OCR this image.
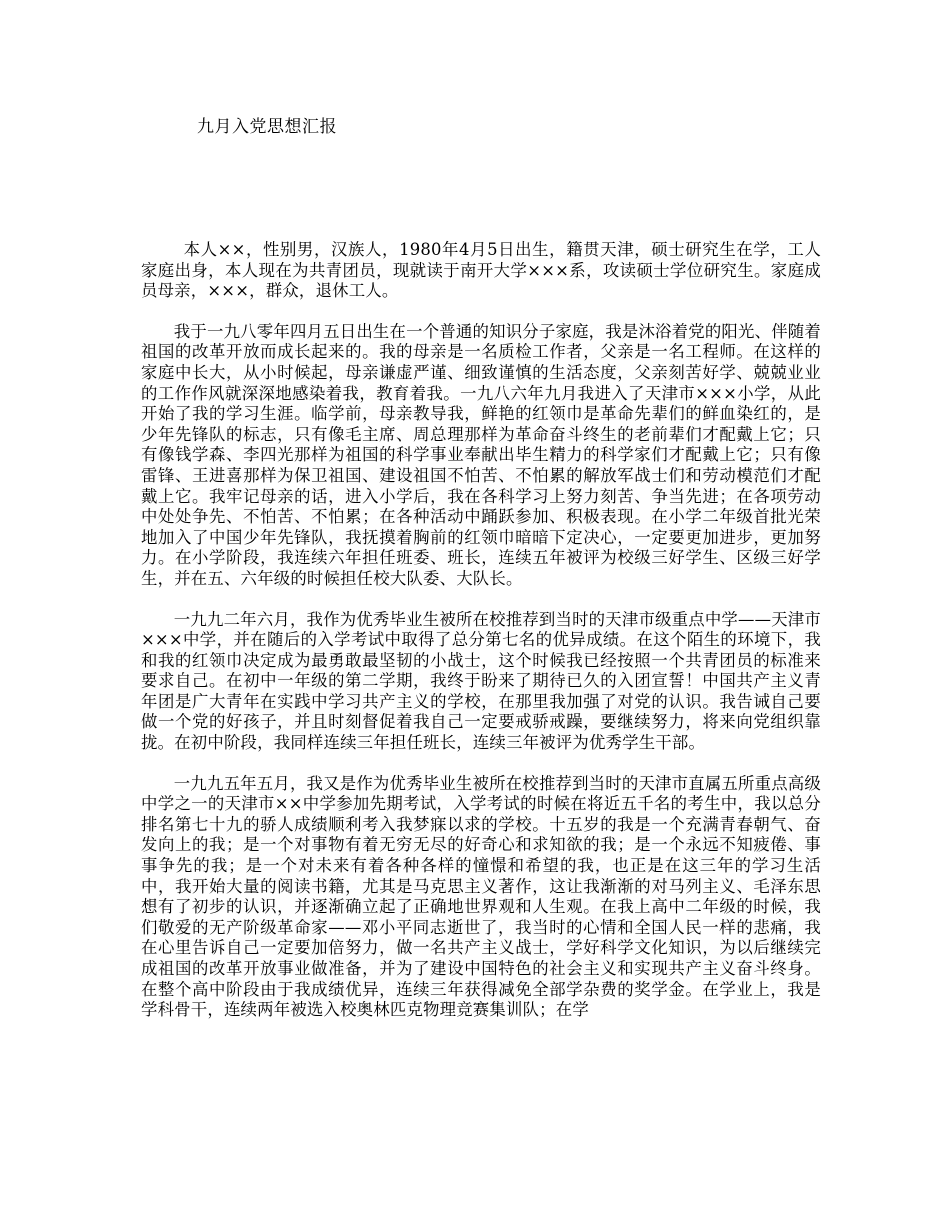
九月入党思想汇报

本人××，性别男，汉族人，1980年4月5日出生，籍贯天津，硕士研究生在学，工人家庭出身，本人现在为共青团员，现就读于南开大学×××系，攻读硕士学位研究生。家庭成员母亲，×××，群众，退休工人。

我于一九八零年四月五日出生在一个普通的知识分子家庭，我是沐浴着党的阳光、伴随着祖国的改革开放而成长起来的。我的母亲是一名质检工作者，父亲是一名工程师。在这样的家庭中长大，从小时候起，母亲谦虚严谨、细致谨慎的生活态度，父亲刻苦好学、兢兢业业的工作作风就深深地感染着我，教育着我。一九八六年九月我进入了天津市×××小学，从此开始了我的学习生涯。临学前，母亲教导我，鲜艳的红领巾是革命先辈们的鲜血染红的，是少年先锋队的标志，只有像毛主席、周总理那样为革命奋斗终生的老前辈们才配戴上它；只有像钱学森、李四光那样为祖国的科学事业奉献出毕生精力的科学家们才配戴上它；只有像雷锋、王进喜那样为保卫祖国、建设祖国不怕苦、不怕累的解放军战士们和劳动模范们才配戴上它。我牢记母亲的话，进入小学后，我在各科学习上努力刻苦、争当先进；在各项劳动中处处争先、不怕苦、不怕累；在各种活动中踊跃参加、积极表现。在小学二年级首批光荣地加入了中国少年先锋队，我抚摸着胸前的红领巾暗暗下定决心，一定要更加进步，更加努力。在小学阶段，我连续六年担任班委、班长，连续五年被评为校级三好学生、区级三好学生，并在五、六年级的时候担任校大队委、大队长。

一九九二年六月，我作为优秀毕业生被所在校推荐到当时的天津市级重点中学——天津市×××中学，并在随后的入学考试中取得了总分第七名的优异成绩。在这个陌生的环境下，我和我的红领巾决定成为最勇敢最坚韧的小战士，这个时候我已经按照一个共青团员的标准来要求自己。在初中一年级的第二学期，我终于盼来了期待已久的入团宣誓！中国共产主义青年团是广大青年在实践中学习共产主义的学校，在那里我加强了对党的认识。我告诫自己要做一个党的好孩子，并且时刻督促着我自己一定要戒骄戒躁，要继续努力，将来向党组织靠拢。在初中阶段，我同样连续三年担任班长，连续三年被评为优秀学生干部。

一九九五年五月，我又是作为优秀毕业生被所在校推荐到当时的天津市直属五所重点高级中学之一的天津市××中学参加先期考试，入学考试的时候在将近五千名的考生中，我以总分排名第七十九的骄人成绩顺利考入我梦寐以求的学校。十五岁的我是一个充满青春朝气、奋发向上的我；是一个对事物有着无穷无尽的好奇心和求知欲的我；是一个永远不知疲倦、事事争先的我；是一个对未来有着各种各样的憧憬和希望的我，也正是在这三年的学习生活中，我开始大量的阅读书籍，尤其是马克思主义著作，这让我渐渐的对马列主义、毛泽东思想有了初步的认识，并逐渐确立起了正确地世界观和人生观。在我上高中二年级的时候，我们敬爱的无产阶级革命家——邓小平同志逝世了，我当时的心情和全国人民一样的悲痛，我在心里告诉自己一定要加倍努力，做一名共产主义战士，学好科学文化知识，为以后继续完成祖国的改革开放事业做准备，并为了建设中国特色的社会主义和实现共产主义奋斗终身。在整个高中阶段由于我成绩优异，连续三年获得减免全部学杂费的奖学金。在学业上，我是学科骨干，连续两年被选入校奥林匹克物理竞赛集训队；在学
